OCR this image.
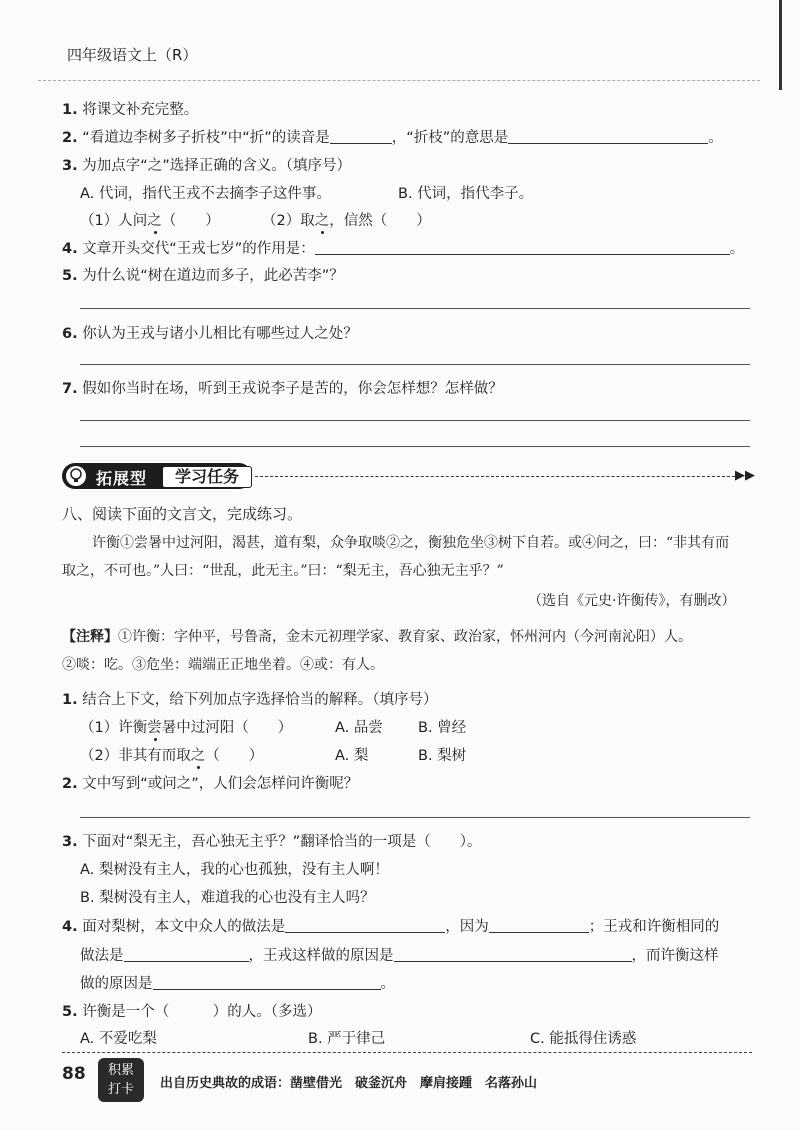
四年级语文上（R）
1. 将课文补充完整。
2. “看道边李树多子折枝”中“折”的读音是	，“折枝”的意思是	。
3. 为加点字“之”选择正确的含义。（填序号）
A. 代词，指代王戎不去摘李子这件事。	B. 代词，指代李子。
（1）人问之（　　）	（2）取之，信然（　　）
4. 文章开头交代“王戎七岁”的作用是：	。
5. 为什么说“树在道边而多子，此必苦李”？
6. 你认为王戎与诸小儿相比有哪些过人之处？
7. 假如你当时在场，听到王戎说李子是苦的，你会怎样想？怎样做？
拓展型	学习任务	▶▶
八、阅读下面的文言文，完成练习。
许衡①尝暑中过河阳，渴甚，道有梨，众争取啖②之，衡独危坐③树下自若。或④问之，曰：“非其有而
取之，不可也。”人曰：“世乱，此无主。”曰：“梨无主，吾心独无主乎？”
（选自《元史·许衡传》，有删改）
【注释】①许衡：字仲平，号鲁斋，金末元初理学家、教育家、政治家，怀州河内（今河南沁阳）人。
②啖：吃。③危坐：端端正正地坐着。④或：有人。
1. 结合上下文，给下列加点字选择恰当的解释。（填序号）
（1）许衡尝暑中过河阳（　　）	A. 品尝 B. 曾经
（2）非其有而取之（　　）	A. 梨	B. 梨树
2. 文中写到“或问之”，人们会怎样问许衡呢？
3. 下面对“梨无主，吾心独无主乎？”翻译恰当的一项是（　　）。
A. 梨树没有主人，我的心也孤独，没有主人啊！
B. 梨树没有主人，难道我的心也没有主人吗？
4. 面对梨树，本文中众人的做法是	，因为	；王戎和许衡相同的
做法是	，王戎这样做的原因是	，而许衡这样
做的原因是	。
5. 许衡是一个（　　　）的人。（多选）
A. 不爱吃梨	B. 严于律己	C. 能抵得住诱惑
88	积累
打卡	出自历史典故的成语：凿壁借光　破釜沉舟　摩肩接踵　名落孙山
